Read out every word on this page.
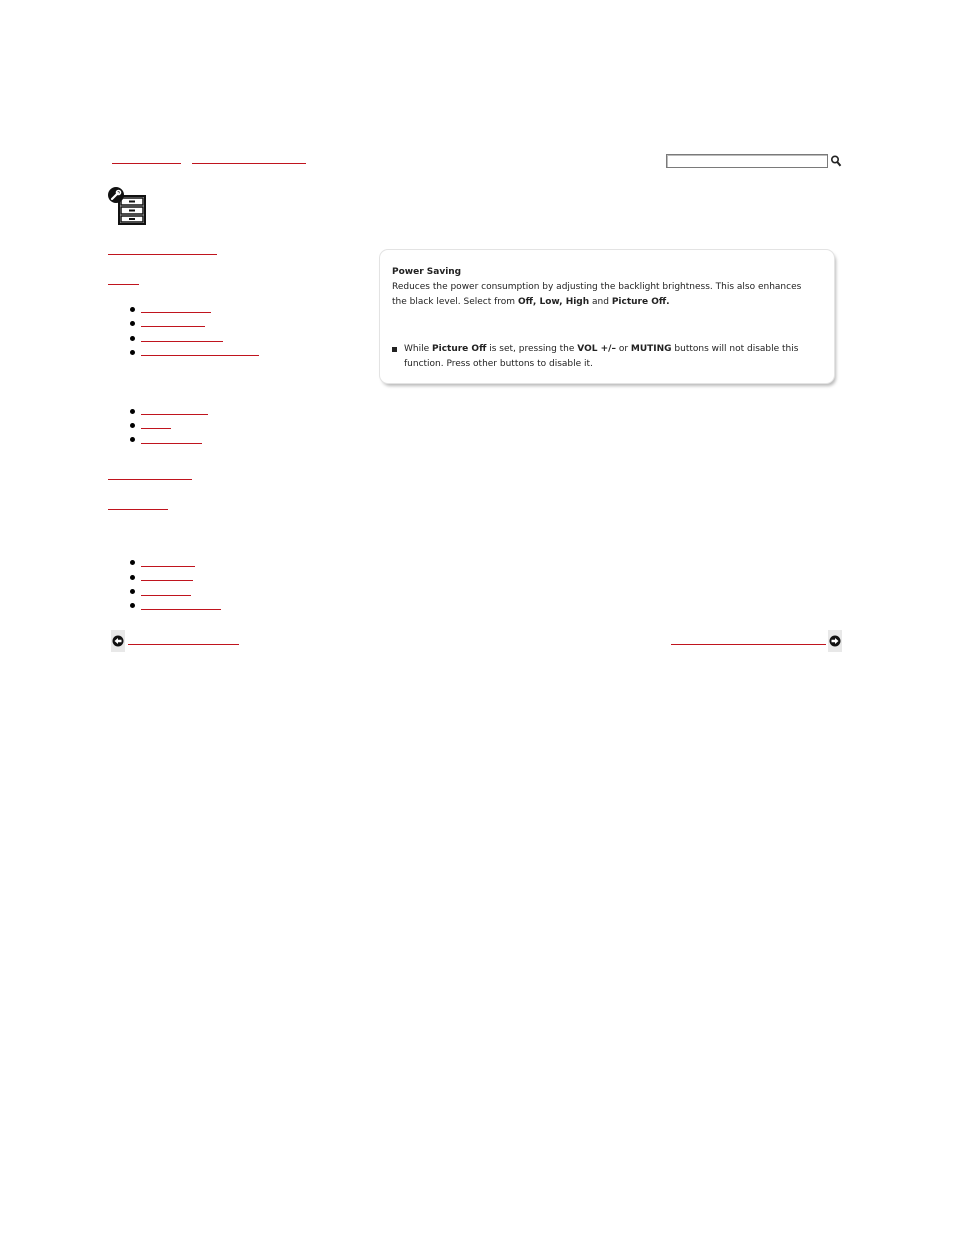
Power Saving
Reduces the power consumption by adjusting the backlight brightness. This also enhances
the black level. Select from Off, Low, High and Picture Off.
While Picture Off is set, pressing the VOL +/– or MUTING buttons will not disable this
function. Press other buttons to disable it.
